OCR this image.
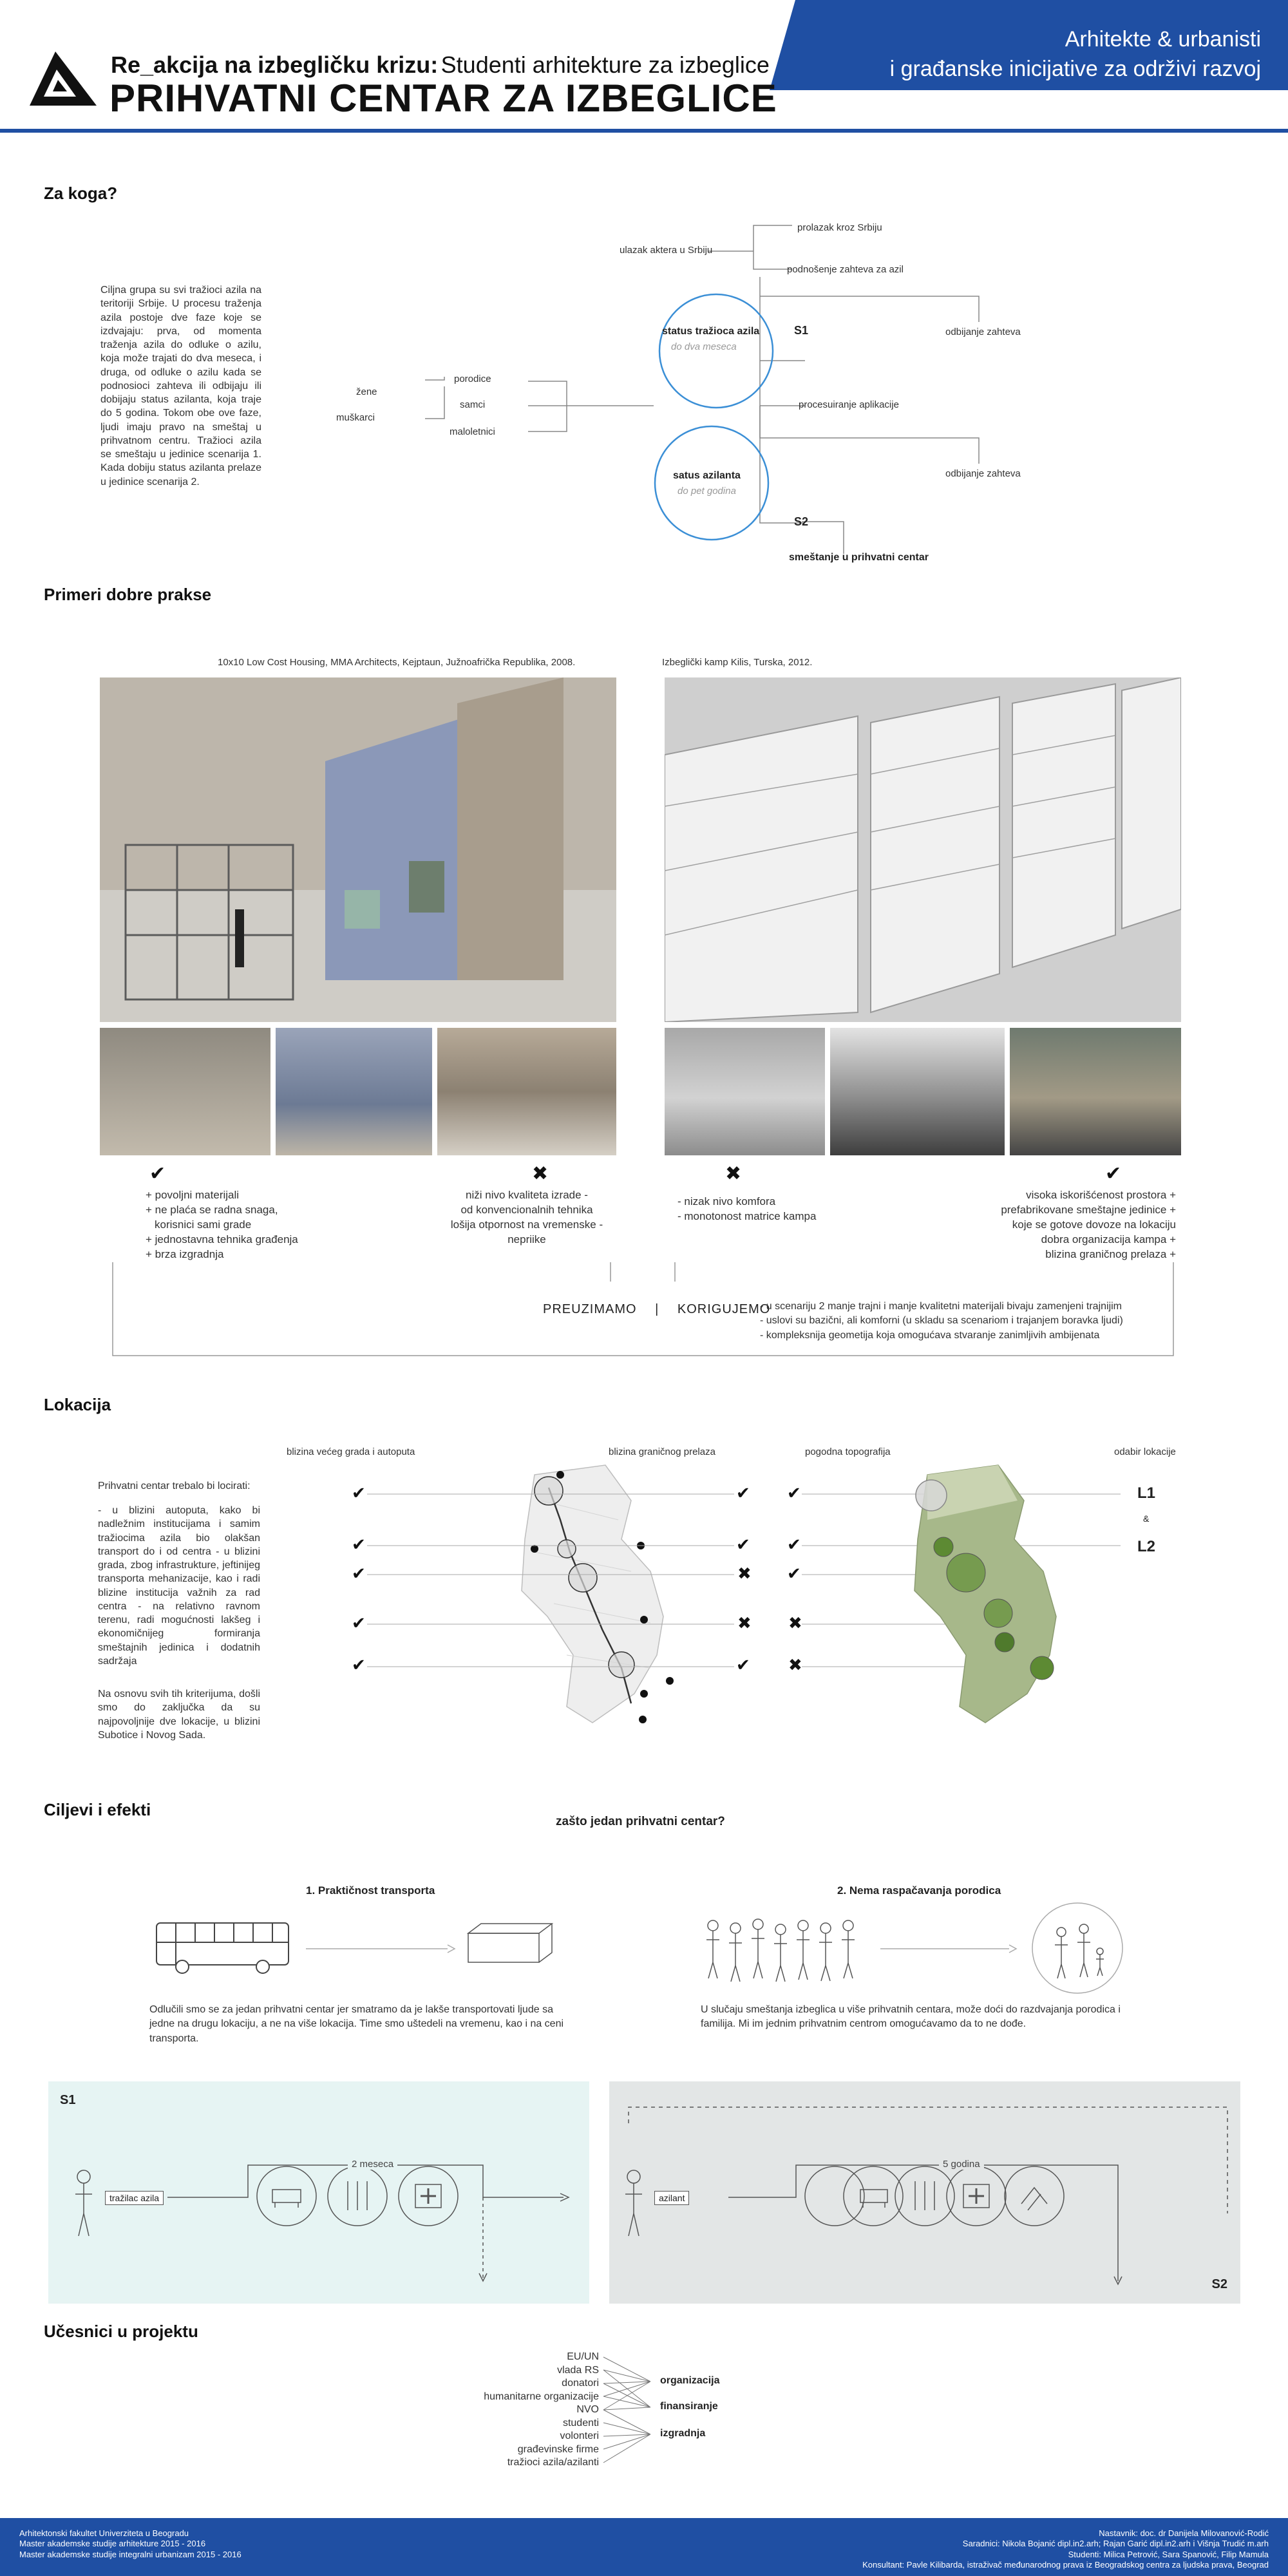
Re_akcija na izbegličku krizu: Studenti arhitekture za izbeglice
PRIHVATNI CENTAR ZA IZBEGLICE
Arhitekte & urbanisti
i građanske inicijative za održivi razvoj
Za koga?
Ciljna grupa su svi tražioci azila na teritoriji Srbije. U procesu traženja azila postoje dve faze koje se izdvajaju: prva, od momenta traženja azila do odluke o azilu, koja može trajati do dva meseca, i druga, od odluke o azilu kada se podnosioci zahteva ili odbijaju ili dobijaju status azilanta, koja traje do 5 godina. Tokom obe ove faze, ljudi imaju pravo na smeštaj u prihvatnom centru. Tražioci azila se smeštaju u jedinice scenarija 1. Kada dobiju status azilanta prelaze u jedinice scenarija 2.
ulazak aktera u Srbiju
prolazak kroz Srbiju
podnošenje zahteva za azil
status tražioca azila
do dva meseca
S1	odbijanje zahteva
žene
muškarci
porodice
samci
maloletnici
procesuiranje aplikacije
satus azilanta
do pet godina
odbijanje zahteva
S2
smeštanje u prihvatni centar
Primeri dobre prakse
10x10 Low Cost Housing, MMA Architects, Kejptaun, Južnoafrička Republika, 2008.	Izbeglički kamp Kilis, Turska, 2012.
✔	✖	✖	✔
+ povoljni materijali
+ ne plaća se radna snaga,
korisnici sami grade
+ jednostavna tehnika građenja
+ brza izgradnja
niži nivo kvaliteta izrade -
od konvencionalnih tehnika
lošija otpornost na vremenske -
nepriike
- nizak nivo komfora
- monotonost matrice kampa
visoka iskorišćenost prostora +
prefabrikovane smeštajne jedinice +
koje se gotove dovoze na lokaciju
dobra organizacija kampa +
blizina graničnog prelaza +
PREUZIMAMO | KORIGUJEMO
- u scenariju 2 manje trajni i manje kvalitetni materijali bivaju zamenjeni trajnijim
- uslovi su bazični, ali komforni (u skladu sa scenariom i trajanjem boravka ljudi)
- kompleksnija geometija koja omogućava stvaranje zanimljivih ambijenata
Lokacija
blizina većeg grada i autoputa	blizina graničnog prelaza	pogodna topografija	odabir lokacije
Prihvatni centar trebalo bi locirati:
- u blizini autoputa, kako bi nadležnim institucijama i samim tražiocima azila bio olakšan transport do i od centra - u blizini grada, zbog infrastrukture, jeftinijeg transporta mehanizacije, kao i radi blizine institucija važnih za rad centra - na relativno ravnom terenu, radi mogućnosti lakšeg i ekonomičnijeg formiranja smeštajnih jedinica i dodatnih sadržaja
Na osnovu svih tih kriterijuma, došli smo do zaključka da su najpovoljnije dve lokacije, u blizini Subotice i Novog Sada.
✔
✔
✔
✔
✔
✔
✔
✖
✖
✔
✔
✔
✔
✖
✖
L1
&
L2
Ciljevi i efekti
zašto jedan prihvatni centar?
1. Praktičnost transporta	2. Nema raspačavanja porodica
Odlučili smo se za jedan prihvatni centar jer smatramo da je lakše transportovati ljude sa jedne na drugu lokaciju, a ne na više lokacija. Time smo uštedeli na vremenu, kao i na ceni transporta.
U slučaju smeštanja izbeglica u više prihvatnih centara, može doći do razdvajanja porodica i familija. Mi im jednim prihvatnim centrom omogućavamo da to ne dođe.
S1
tražilac azila
2 meseca
S2
azilant
5 godina
Učesnici u projektu
EU/UN
vlada RS
donatori
humanitarne organizacije
NVO
studenti
volonteri
građevinske firme
tražioci azila/azilanti
organizacija
finansiranje
izgradnja
Arhitektonski fakultet Univerziteta u Beogradu
Master akademske studije arhitekture 2015 - 2016
Master akademske studije integralni urbanizam 2015 - 2016
Nastavnik: doc. dr Danijela Milovanović-Rodić
Saradnici: Nikola Bojanić dipl.in2.arh; Rajan Garić dipl.in2.arh i Višnja Trudić m.arh
Studenti: Milica Petrović, Sara Spanović, Filip Mamula
Konsultant: Pavle Kilibarda, istraživač međunarodnog prava iz Beogradskog centra za ljudska prava, Beograd
